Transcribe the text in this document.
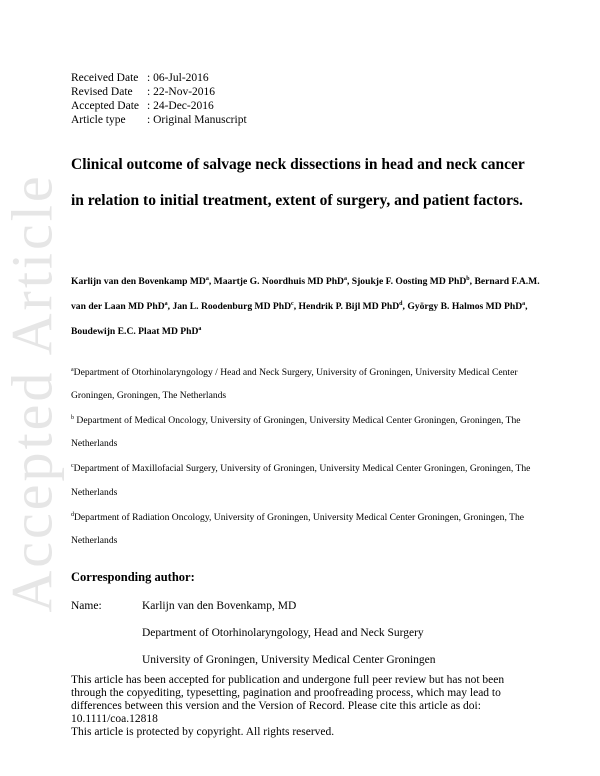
Accepted Article
Received Date : 06-Jul-2016
Revised Date	: 22-Nov-2016
Accepted Date : 24-Dec-2016
Article type	: Original Manuscript
Clinical outcome of salvage neck dissections in head and neck cancer in relation to initial treatment, extent of surgery, and patient factors.
Karlijn van den Bovenkamp $MD^a$, Maartje G. Noordhuis MD PhD$^a$, Sjoukje F. Oosting MD PhD$^b$, Bernard F.A.M. van der Laan MD PhD$^a$, Jan L. Roodenburg MD PhD$^c$, Hendrik P. Bijl MD PhD$^d$, György B. Halmos MD PhD$^a$, Boudewijn E.C. Plaat MD PhD$^a$
$^a$Department of Otorhinolaryngology / Head and Neck Surgery, University of Groningen, University Medical Center Groningen, Groningen, The Netherlands
$^b$ Department of Medical Oncology, University of Groningen, University Medical Center Groningen, Groningen, The Netherlands
$^c$Department of Maxillofacial Surgery, University of Groningen, University Medical Center Groningen, Groningen, The Netherlands
$^d$Department of Radiation Oncology, University of Groningen, University Medical Center Groningen, Groningen, The Netherlands
Corresponding author:
Name:	Karlijn van den Bovenkamp, MD
Department of Otorhinolaryngology, Head and Neck Surgery
University of Groningen, University Medical Center Groningen
This article has been accepted for publication and undergone full peer review but has not been through the copyediting, typesetting, pagination and proofreading process, which may lead to differences between this version and the Version of Record. Please cite this article as doi: 10.1111/coa.12818
This article is protected by copyright. All rights reserved.
